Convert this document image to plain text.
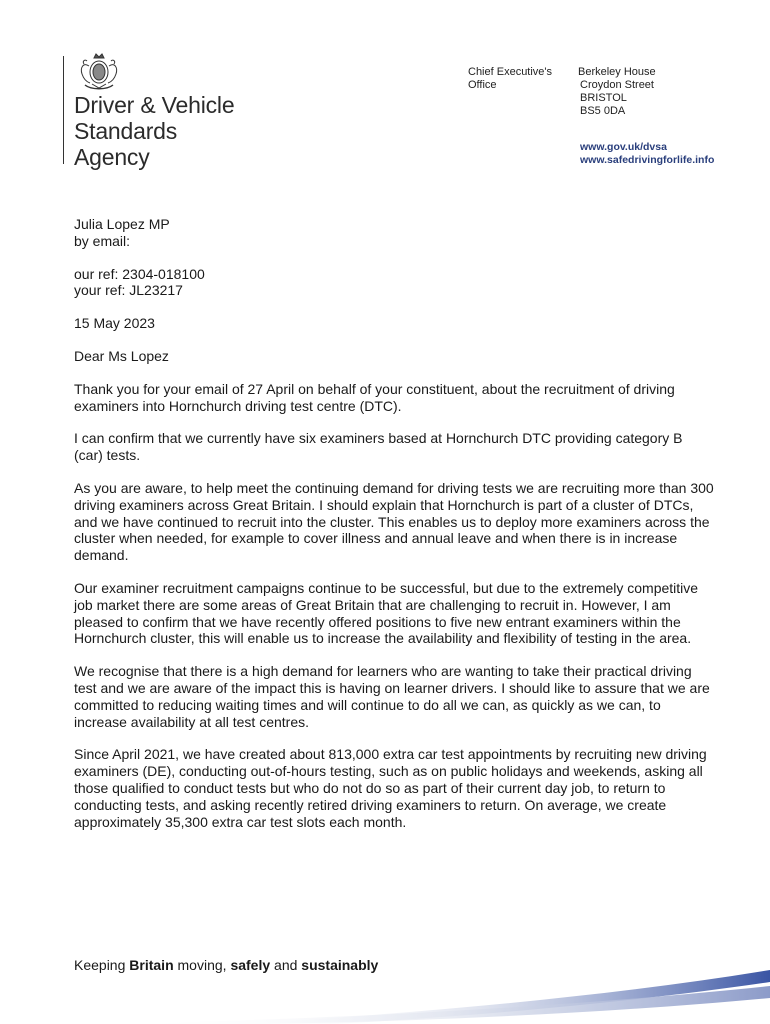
Driver & Vehicle
Standards
Agency
Chief Executive's
Office
Berkeley House
Croydon Street
BRISTOL
BS5 0DA
www.gov.uk/dvsa
www.safedrivingforlife.info

Julia Lopez MP
by email:

our ref: 2304-018100
your ref: JL23217

15 May 2023

Dear Ms Lopez

Thank you for your email of 27 April on behalf of your constituent, about the recruitment of driving examiners into Hornchurch driving test centre (DTC).

I can confirm that we currently have six examiners based at Hornchurch DTC providing category B (car) tests.

As you are aware, to help meet the continuing demand for driving tests we are recruiting more than 300 driving examiners across Great Britain. I should explain that Hornchurch is part of a cluster of DTCs, and we have continued to recruit into the cluster. This enables us to deploy more examiners across the cluster when needed, for example to cover illness and annual leave and when there is in increase demand.

Our examiner recruitment campaigns continue to be successful, but due to the extremely competitive job market there are some areas of Great Britain that are challenging to recruit in. However, I am pleased to confirm that we have recently offered positions to five new entrant examiners within the Hornchurch cluster, this will enable us to increase the availability and flexibility of testing in the area.

We recognise that there is a high demand for learners who are wanting to take their practical driving test and we are aware of the impact this is having on learner drivers. I should like to assure that we are committed to reducing waiting times and will continue to do all we can, as quickly as we can, to increase availability at all test centres.

Since April 2021, we have created about 813,000 extra car test appointments by recruiting new driving examiners (DE), conducting out-of-hours testing, such as on public holidays and weekends, asking all those qualified to conduct tests but who do not do so as part of their current day job, to return to conducting tests, and asking recently retired driving examiners to return. On average, we create approximately 35,300 extra car test slots each month.

Keeping Britain moving, safely and sustainably
